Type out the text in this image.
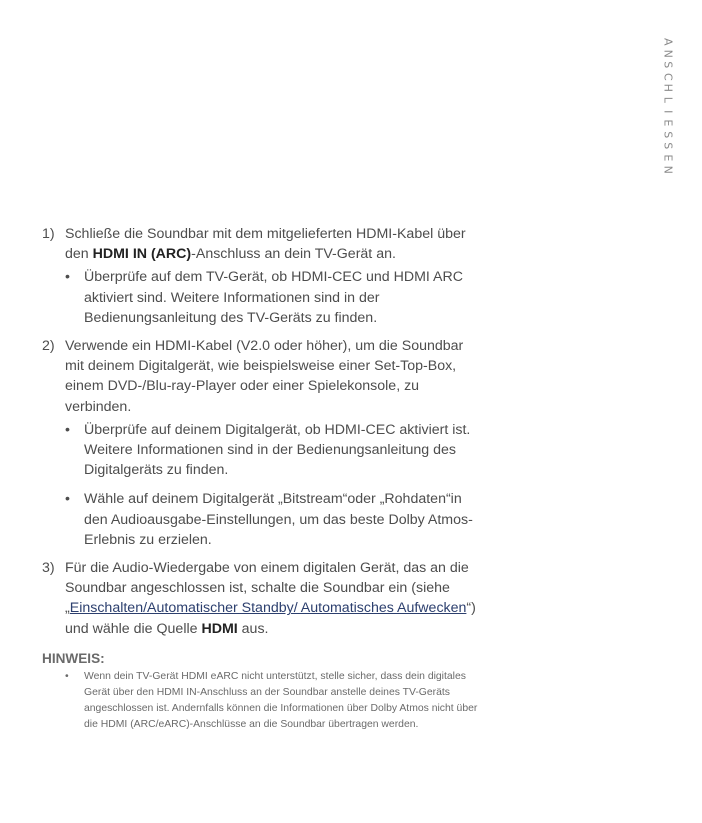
A
N
S
C
H
L
I
E
S
S
E
N
1) Schließe die Soundbar mit dem mitgelieferten HDMI-Kabel über den HDMI IN (ARC)-Anschluss an dein TV-Gerät an.
• Überprüfe auf dem TV-Gerät, ob HDMI-CEC und HDMI ARC aktiviert sind. Weitere Informationen sind in der Bedienungsanleitung des TV-Geräts zu finden.
2) Verwende ein HDMI-Kabel (V2.0 oder höher), um die Soundbar mit deinem Digitalgerät, wie beispielsweise einer Set-Top-Box, einem DVD-/Blu-ray-Player oder einer Spielekonsole, zu verbinden.
• Überprüfe auf deinem Digitalgerät, ob HDMI-CEC aktiviert ist. Weitere Informationen sind in der Bedienungsanleitung des Digitalgeräts zu finden.
• Wähle auf deinem Digitalgerät „Bitstream“oder „Rohdaten“in den Audioausgabe-Einstellungen, um das beste Dolby Atmos-Erlebnis zu erzielen.
3) Für die Audio-Wiedergabe von einem digitalen Gerät, das an die Soundbar angeschlossen ist, schalte die Soundbar ein (siehe „Einschalten/Automatischer Standby/ Automatisches Aufwecken“) und wähle die Quelle HDMI aus.
HINWEIS:
• Wenn dein TV-Gerät HDMI eARC nicht unterstützt, stelle sicher, dass dein digitales Gerät über den HDMI IN-Anschluss an der Soundbar anstelle deines TV-Geräts angeschlossen ist. Andernfalls können die Informationen über Dolby Atmos nicht über die HDMI (ARC/eARC)-Anschlüsse an die Soundbar übertragen werden.
